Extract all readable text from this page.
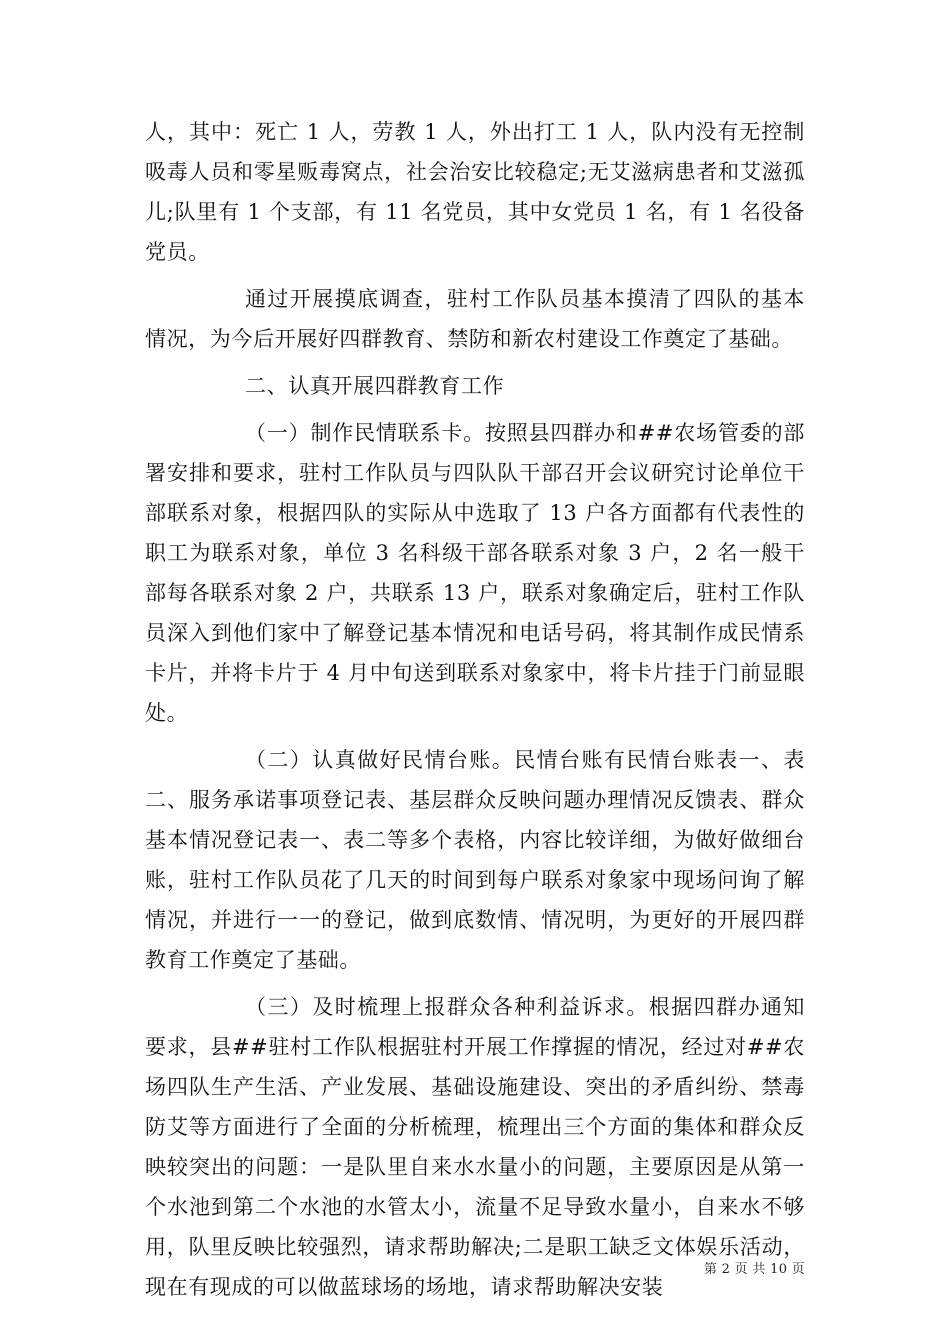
人，其中：死亡 1 人，劳教 1 人，外出打工 1 人，队内没有无控制吸毒人员和零星贩毒窝点，社会治安比较稳定;无艾滋病患者和艾滋孤儿;队里有 1 个支部，有 11 名党员，其中女党员 1 名，有 1 名役备党员。

通过开展摸底调查，驻村工作队员基本摸清了四队的基本情况，为今后开展好四群教育、禁防和新农村建设工作奠定了基础。

二、认真开展四群教育工作

（一）制作民情联系卡。按照县四群办和##农场管委的部署安排和要求，驻村工作队员与四队队干部召开会议研究讨论单位干部联系对象，根据四队的实际从中选取了 13 户各方面都有代表性的职工为联系对象，单位 3 名科级干部各联系对象 3 户，2 名一般干部每各联系对象 2 户，共联系 13 户，联系对象确定后，驻村工作队员深入到他们家中了解登记基本情况和电话号码，将其制作成民情系卡片，并将卡片于 4 月中旬送到联系对象家中，将卡片挂于门前显眼处。

（二）认真做好民情台账。民情台账有民情台账表一、表二、服务承诺事项登记表、基层群众反映问题办理情况反馈表、群众基本情况登记表一、表二等多个表格，内容比较详细，为做好做细台账，驻村工作队员花了几天的时间到每户联系对象家中现场问询了解情况，并进行一一的登记，做到底数情、情况明，为更好的开展四群教育工作奠定了基础。

（三）及时梳理上报群众各种利益诉求。根据四群办通知要求，县##驻村工作队根据驻村开展工作撑握的情况，经过对##农场四队生产生活、产业发展、基础设施建设、突出的矛盾纠纷、禁毒防艾等方面进行了全面的分析梳理，梳理出三个方面的集体和群众反映较突出的问题：一是队里自来水水量小的问题，主要原因是从第一个水池到第二个水池的水管太小，流量不足导致水量小，自来水不够用，队里反映比较强烈，请求帮助解决;二是职工缺乏文体娱乐活动，现在有现成的可以做蓝球场的场地，请求帮助解决安装

第 2 页 共 10 页
